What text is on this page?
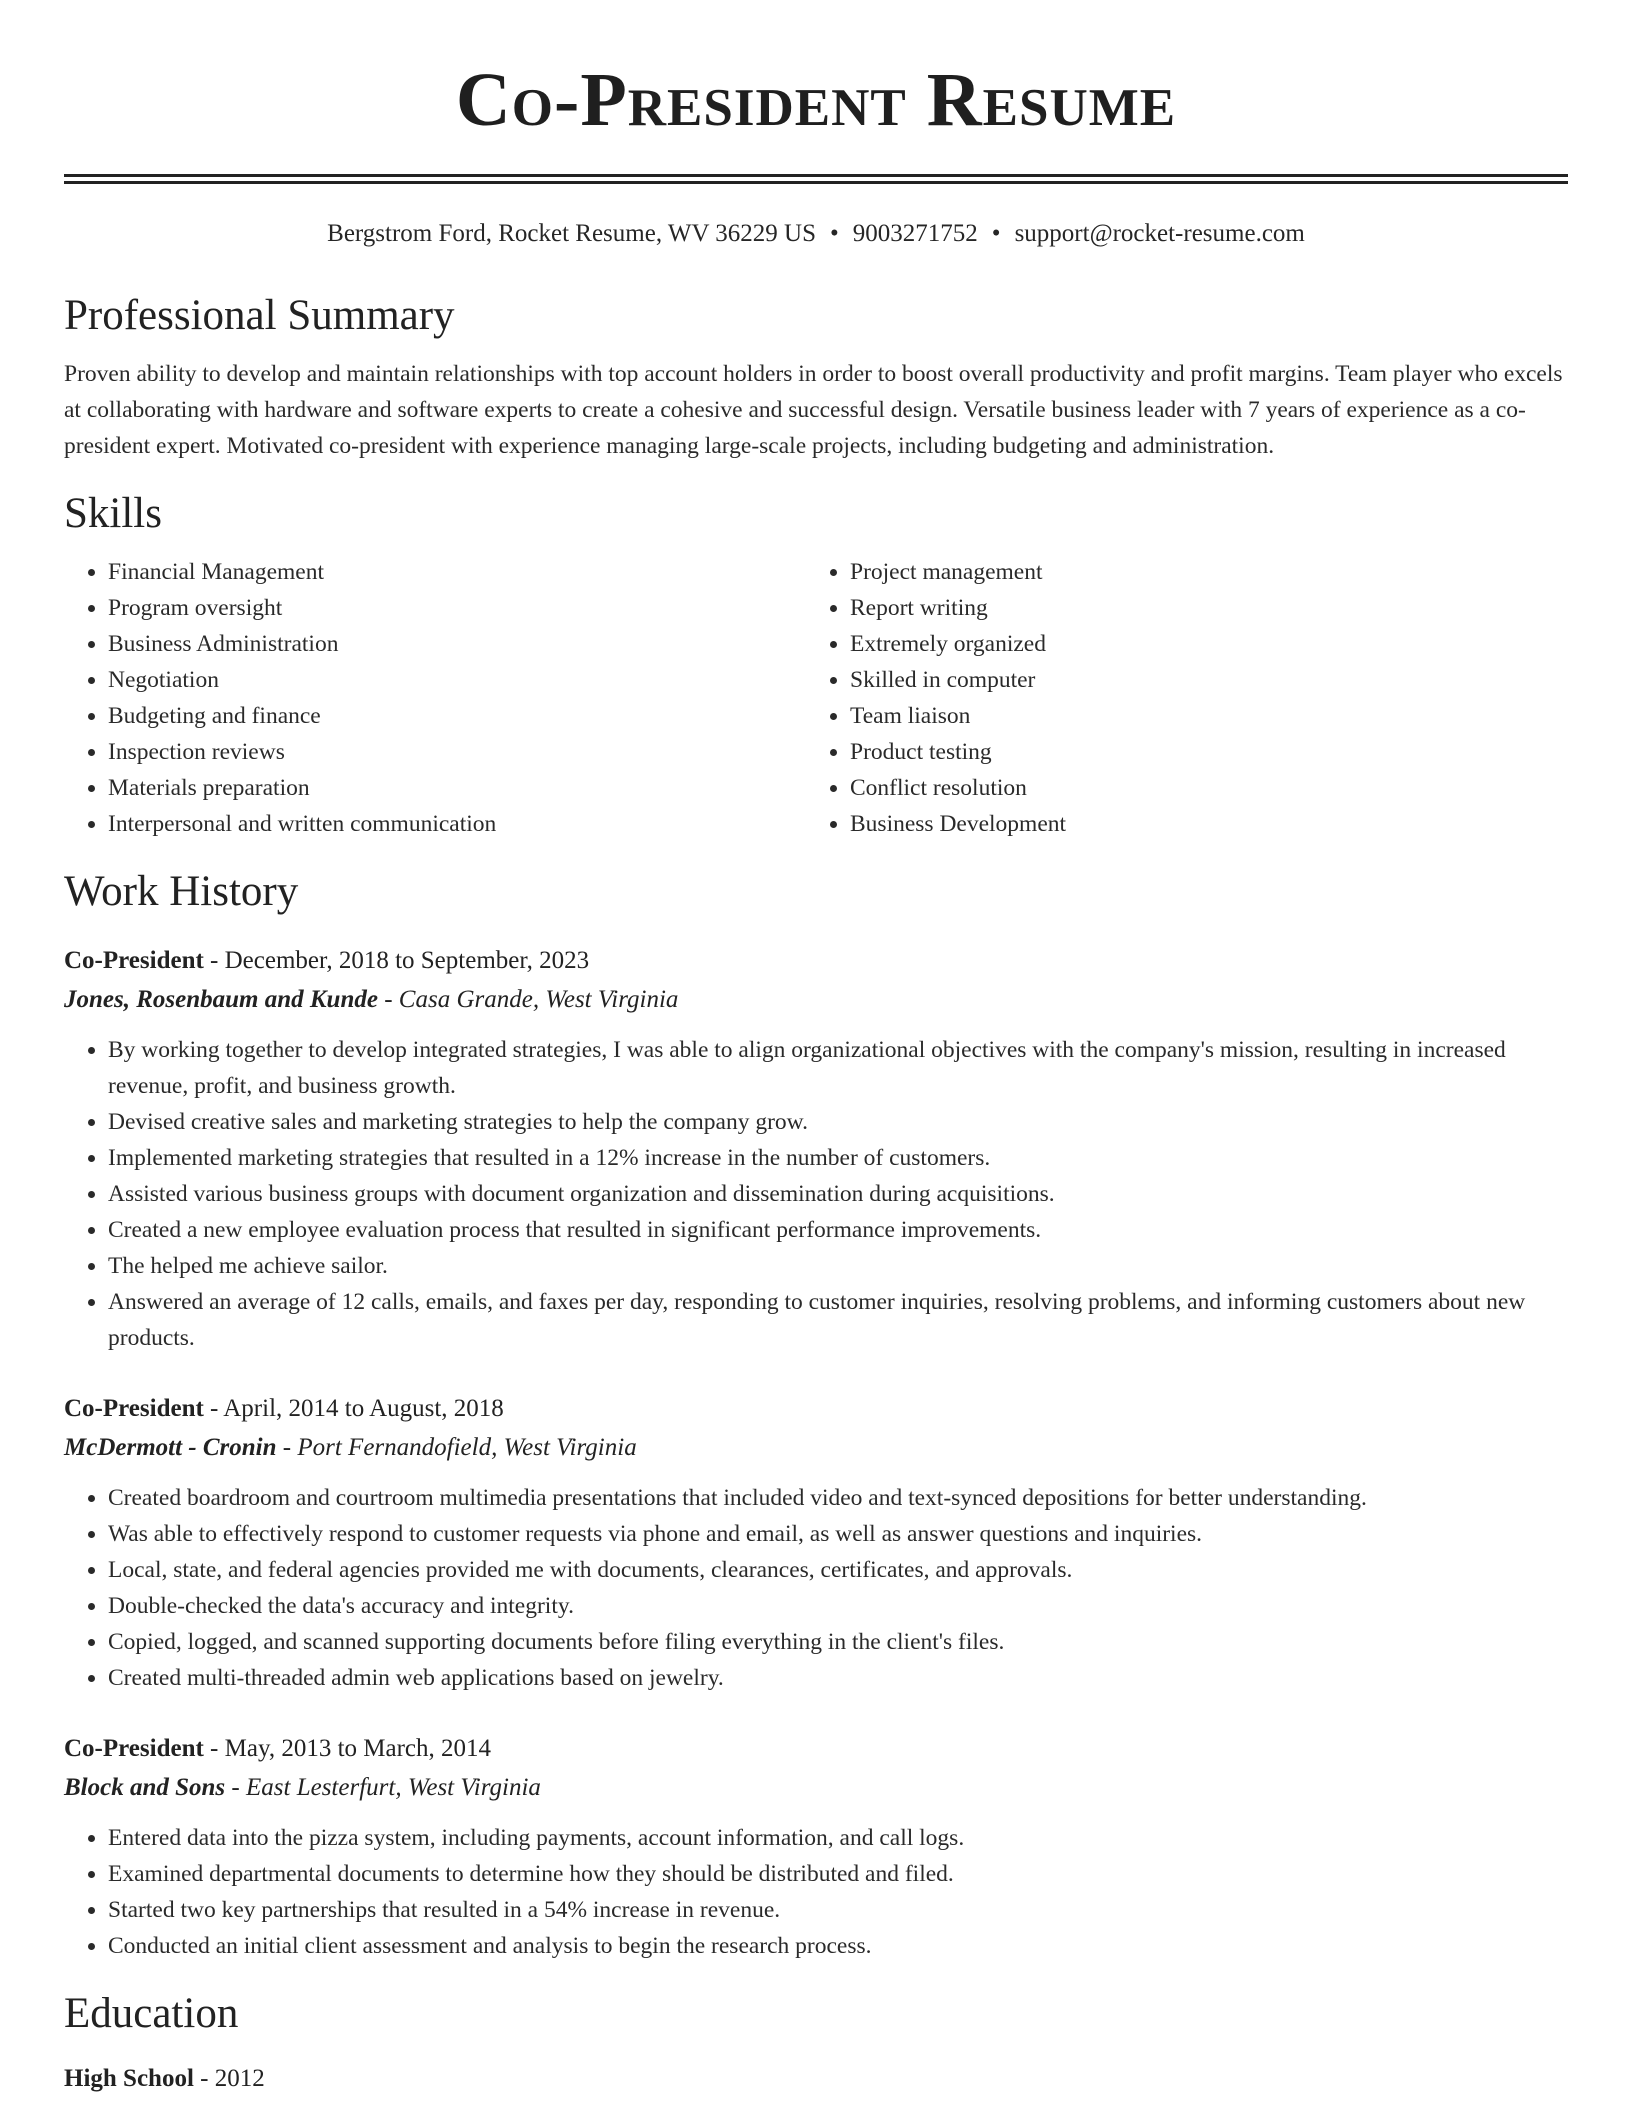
Co-President Resume
Bergstrom Ford, Rocket Resume, WV 36229 US • 9003271752 • support@rocket-resume.com
Professional Summary

Proven ability to develop and maintain relationships with top account holders in order to boost overall productivity and profit margins. Team player who excels at collaborating with hardware and software experts to create a cohesive and successful design. Versatile business leader with 7 years of experience as a co-president expert. Motivated co-president with experience managing large-scale projects, including budgeting and administration.

Skills
• Financial Management
• Program oversight
• Business Administration
• Negotiation
• Budgeting and finance
• Inspection reviews
• Materials preparation
• Interpersonal and written communication
• Project management
• Report writing
• Extremely organized
• Skilled in computer
• Team liaison
• Product testing
• Conflict resolution
• Business Development
Work History
Co-President - December, 2018 to September, 2023
Jones, Rosenbaum and Kunde - Casa Grande, West Virginia
• By working together to develop integrated strategies, I was able to align organizational objectives with the company's mission, resulting in increased revenue, profit, and business growth.
• Devised creative sales and marketing strategies to help the company grow.
• Implemented marketing strategies that resulted in a 12% increase in the number of customers.
• Assisted various business groups with document organization and dissemination during acquisitions.
• Created a new employee evaluation process that resulted in significant performance improvements.
• The helped me achieve sailor.
• Answered an average of 12 calls, emails, and faxes per day, responding to customer inquiries, resolving problems, and informing customers about new products.
Co-President - April, 2014 to August, 2018
McDermott - Cronin - Port Fernandofield, West Virginia
• Created boardroom and courtroom multimedia presentations that included video and text-synced depositions for better understanding.
• Was able to effectively respond to customer requests via phone and email, as well as answer questions and inquiries.
• Local, state, and federal agencies provided me with documents, clearances, certificates, and approvals.
• Double-checked the data's accuracy and integrity.
• Copied, logged, and scanned supporting documents before filing everything in the client's files.
• Created multi-threaded admin web applications based on jewelry.
Co-President - May, 2013 to March, 2014
Block and Sons - East Lesterfurt, West Virginia
• Entered data into the pizza system, including payments, account information, and call logs.
• Examined departmental documents to determine how they should be distributed and filed.
• Started two key partnerships that resulted in a 54% increase in revenue.
• Conducted an initial client assessment and analysis to begin the research process.
Education
High School - 2012
